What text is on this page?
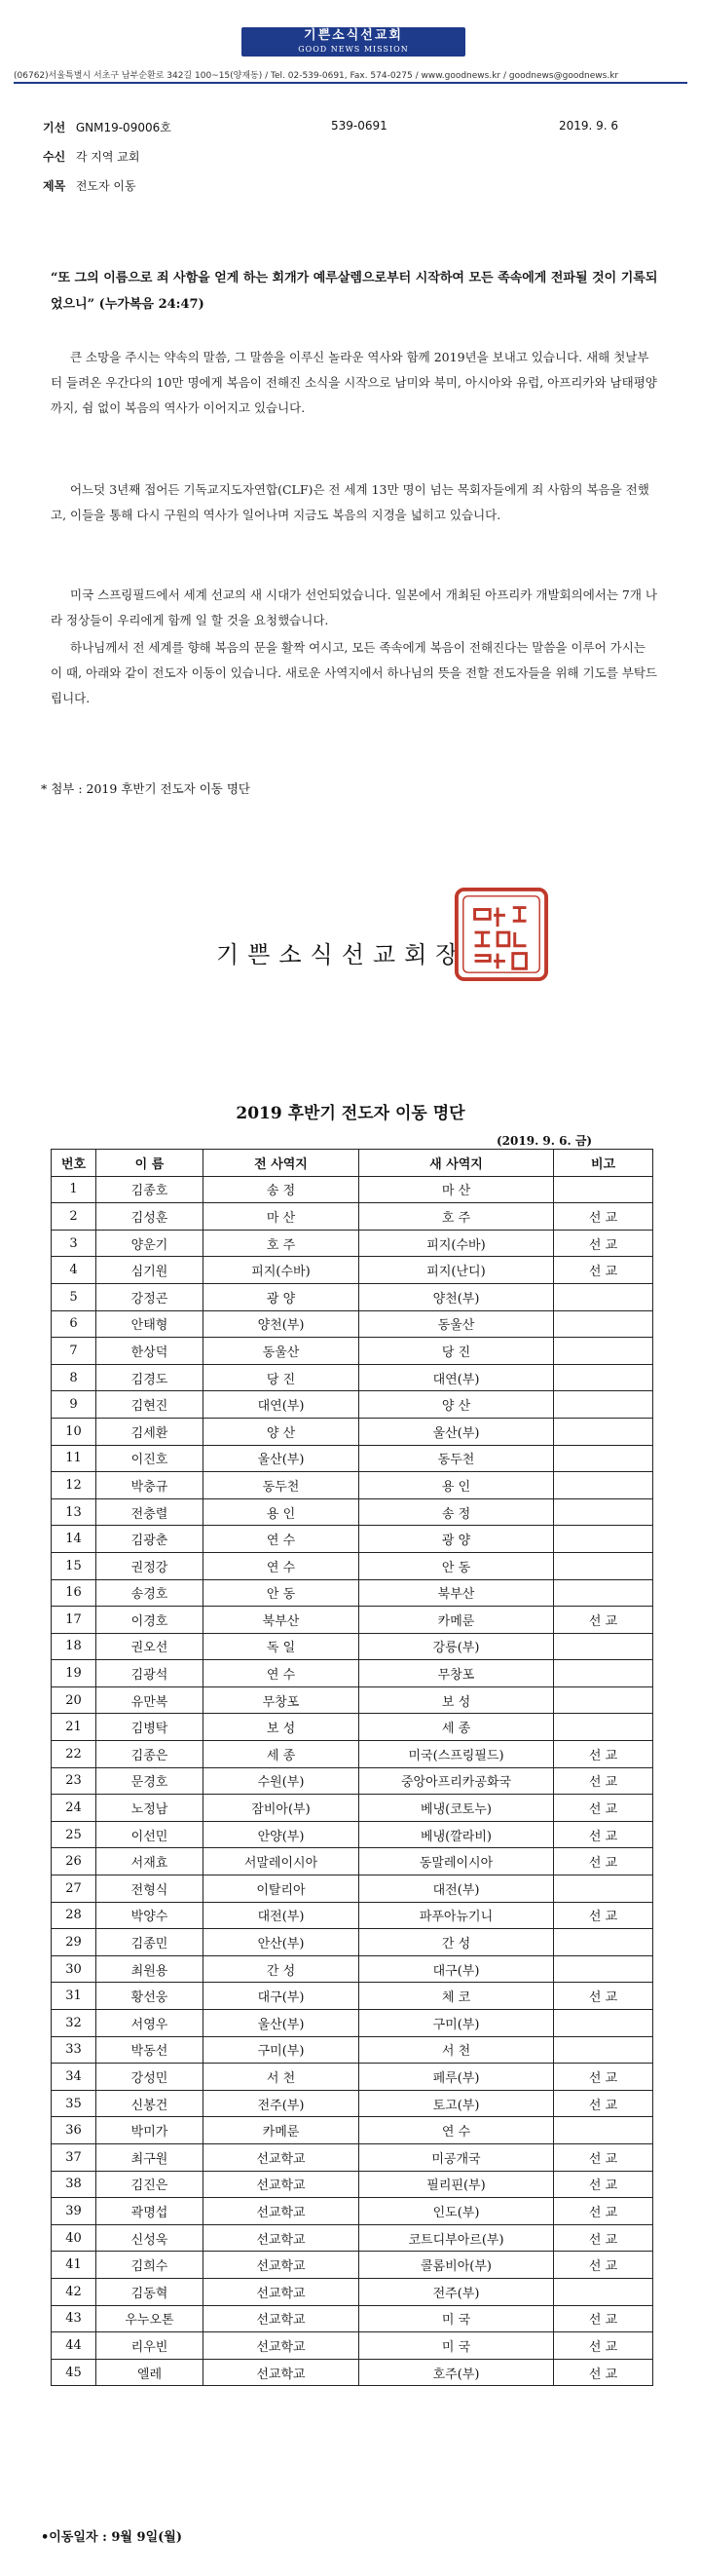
기쁜소식선교회
GOOD NEWS MISSION
(06762)서울특별시 서초구 남부순환로 342길 100~15(양재동) / Tel. 02-539-0691, Fax. 574-0275 / www.goodnews.kr / goodnews@goodnews.kr
기선 GNM19-09006호	539-0691	2019. 9. 6
수신 각 지역 교회
제목 전도자 이동
“또 그의 이름으로 죄 사함을 얻게 하는 회개가 예루살렘으로부터 시작하여 모든 족속에게 전파될 것이 기록되었으니” (누가복음 24:47)
큰 소망을 주시는 약속의 말씀, 그 말씀을 이루신 놀라운 역사와 함께 2019년을 보내고 있습니다. 새해 첫날부터 들려온 우간다의 10만 명에게 복음이 전해진 소식을 시작으로 남미와 북미, 아시아와 유럽, 아프리카와 남태평양까지, 쉼 없이 복음의 역사가 이어지고 있습니다.
어느덧 3년째 접어든 기독교지도자연합(CLF)은 전 세계 13만 명이 넘는 목회자들에게 죄 사함의 복음을 전했고, 이들을 통해 다시 구원의 역사가 일어나며 지금도 복음의 지경을 넓히고 있습니다.
미국 스프링필드에서 세계 선교의 새 시대가 선언되었습니다. 일본에서 개최된 아프리카 개발회의에서는 7개 나라 정상들이 우리에게 함께 일 할 것을 요청했습니다.
하나님께서 전 세계를 향해 복음의 문을 활짝 여시고, 모든 족속에게 복음이 전해진다는 말씀을 이루어 가시는 이 때, 아래와 같이 전도자 이동이 있습니다. 새로운 사역지에서 하나님의 뜻을 전할 전도자들을 위해 기도를 부탁드립니다.
* 첨부 : 2019 후반기 전도자 이동 명단
기쁜소식선교회장
2019 후반기 전도자 이동 명단
(2019. 9. 6. 금)
번호	이 름	전 사역지	새 사역지	비고
1	김종호	송 정	마 산	
2	김성훈	마 산	호 주	선 교
3	양운기	호 주	피지(수바)	선 교
4	심기원	피지(수바)	피지(난디)	선 교
5	강정곤	광 양	양천(부)	
6	안태형	양천(부)	동울산	
7	한상덕	동울산	당 진	
8	김경도	당 진	대연(부)	
9	김현진	대연(부)	양 산	
10	김세환	양 산	울산(부)	
11	이진호	울산(부)	동두천	
12	박충규	동두천	용 인	
13	전충렬	용 인	송 정	
14	김광춘	연 수	광 양	
15	권정강	연 수	안 동	
16	송경호	안 동	북부산	
17	이경호	북부산	카메룬	선 교
18	권오선	독 일	강릉(부)	
19	김광석	연 수	무창포	
20	유만복	무창포	보 성	
21	김병탁	보 성	세 종	
22	김종은	세 종	미국(스프링필드)	선 교
23	문경호	수원(부)	중앙아프리카공화국	선 교
24	노정남	잠비아(부)	베냉(코토누)	선 교
25	이선민	안양(부)	베냉(깔라비)	선 교
26	서재효	서말레이시아	동말레이시아	선 교
27	전형식	이탈리아	대전(부)	
28	박양수	대전(부)	파푸아뉴기니	선 교
29	김종민	안산(부)	간 성	
30	최원용	간 성	대구(부)	
31	황선웅	대구(부)	체 코	선 교
32	서영우	울산(부)	구미(부)	
33	박동선	구미(부)	서 천	
34	강성민	서 천	페루(부)	선 교
35	신봉건	전주(부)	토고(부)	선 교
36	박미가	카메룬	연 수	
37	최구원	선교학교	미공개국	선 교
38	김진은	선교학교	필리핀(부)	선 교
39	곽명섭	선교학교	인도(부)	선 교
40	신성욱	선교학교	코트디부아르(부)	선 교
41	김희수	선교학교	콜롬비아(부)	선 교
42	김동혁	선교학교	전주(부)	
43	우누오톤	선교학교	미 국	선 교
44	리우빈	선교학교	미 국	선 교
45	엘레	선교학교	호주(부)	선 교
•이동일자 : 9월 9일(월)
